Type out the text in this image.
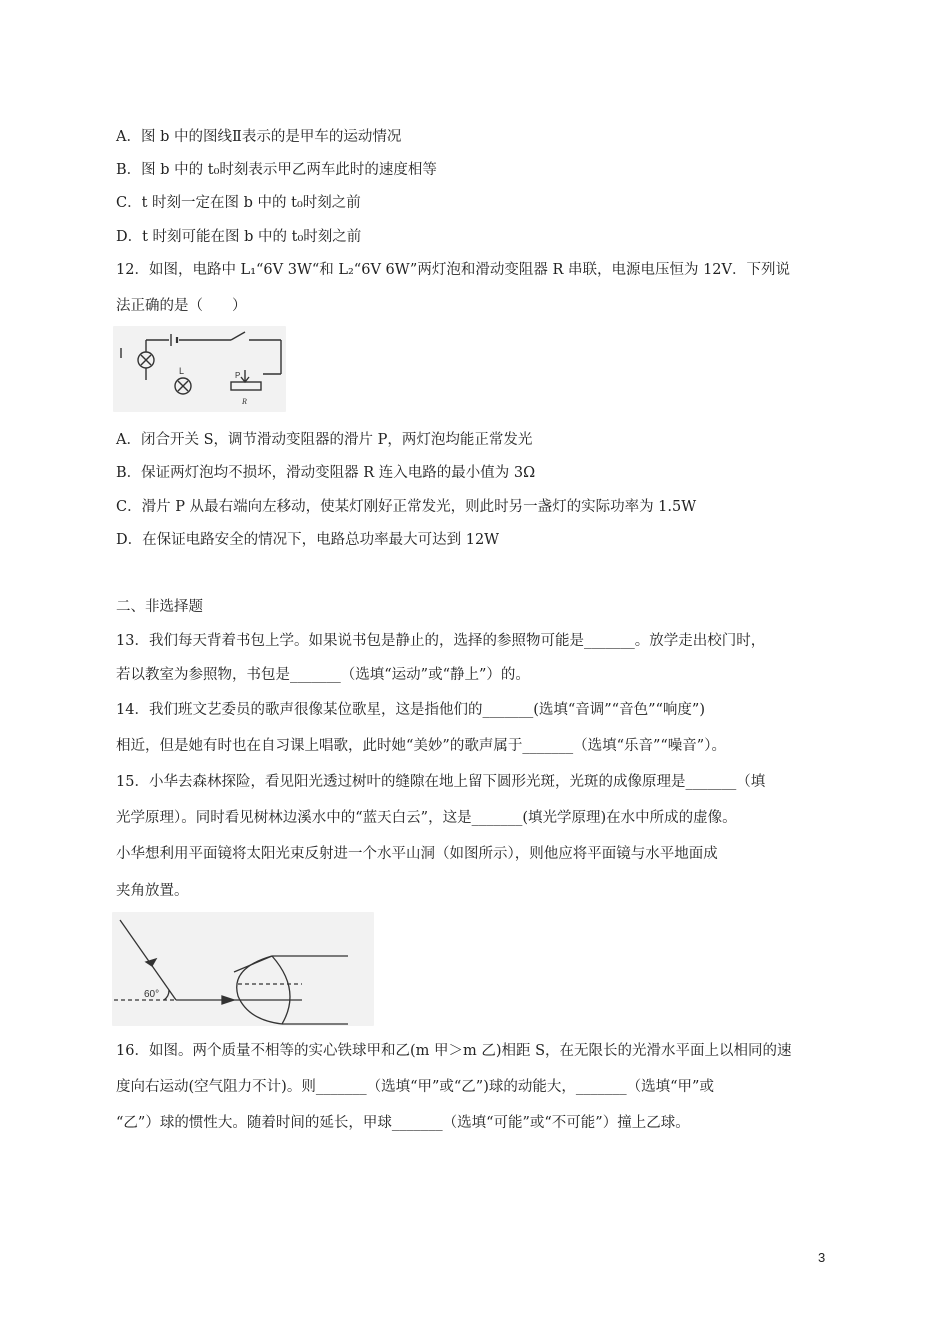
A．图 b 中的图线Ⅱ表示的是甲车的运动情况
B．图 b 中的 t₀时刻表示甲乙两车此时的速度相等
C．t 时刻一定在图 b 中的 t₀时刻之前
D．t 时刻可能在图 b 中的 t₀时刻之前
12．如图，电路中 L₁“6V 3W“和 L₂“6V 6W”两灯泡和滑动变阻器 R 串联，电源电压恒为 12V．下列说
法正确的是（　　）
L	P
R
A．闭合开关 S，调节滑动变阻器的滑片 P，两灯泡均能正常发光
B．保证两灯泡均不损坏，滑动变阻器 R 连入电路的最小值为 3Ω
C．滑片 P 从最右端向左移动，使某灯刚好正常发光，则此时另一盏灯的实际功率为 1.5W
D．在保证电路安全的情况下，电路总功率最大可达到 12W
二、非选择题
13．我们每天背着书包上学。如果说书包是静止的，选择的参照物可能是_______。放学走出校门时，
若以教室为参照物，书包是_______（选填“运动”或“静上”）的。
14．我们班文艺委员的歌声很像某位歌星，这是指他们的_______(选填“音调”“音色”“响度”)
相近，但是她有时也在自习课上唱歌，此时她“美妙”的歌声属于_______（选填“乐音”“噪音”）。
15．小华去森林探险，看见阳光透过树叶的缝隙在地上留下圆形光斑，光斑的成像原理是_______（填
光学原理）。同时看见树林边溪水中的“蓝天白云”，这是_______(填光学原理)在水中所成的虚像。
小华想利用平面镜将太阳光束反射进一个水平山洞（如图所示），则他应将平面镜与水平地面成
夹角放置。
60°
16．如图。两个质量不相等的实心铁球甲和乙(m 甲＞m 乙)相距 S，在无限长的光滑水平面上以相同的速
度向右运动(空气阻力不计)。则_______（选填“甲”或“乙”)球的动能大，_______（选填“甲”或
“乙”）球的惯性大。随着时间的延长，甲球_______（选填“可能”或“不可能”）撞上乙球。
3
